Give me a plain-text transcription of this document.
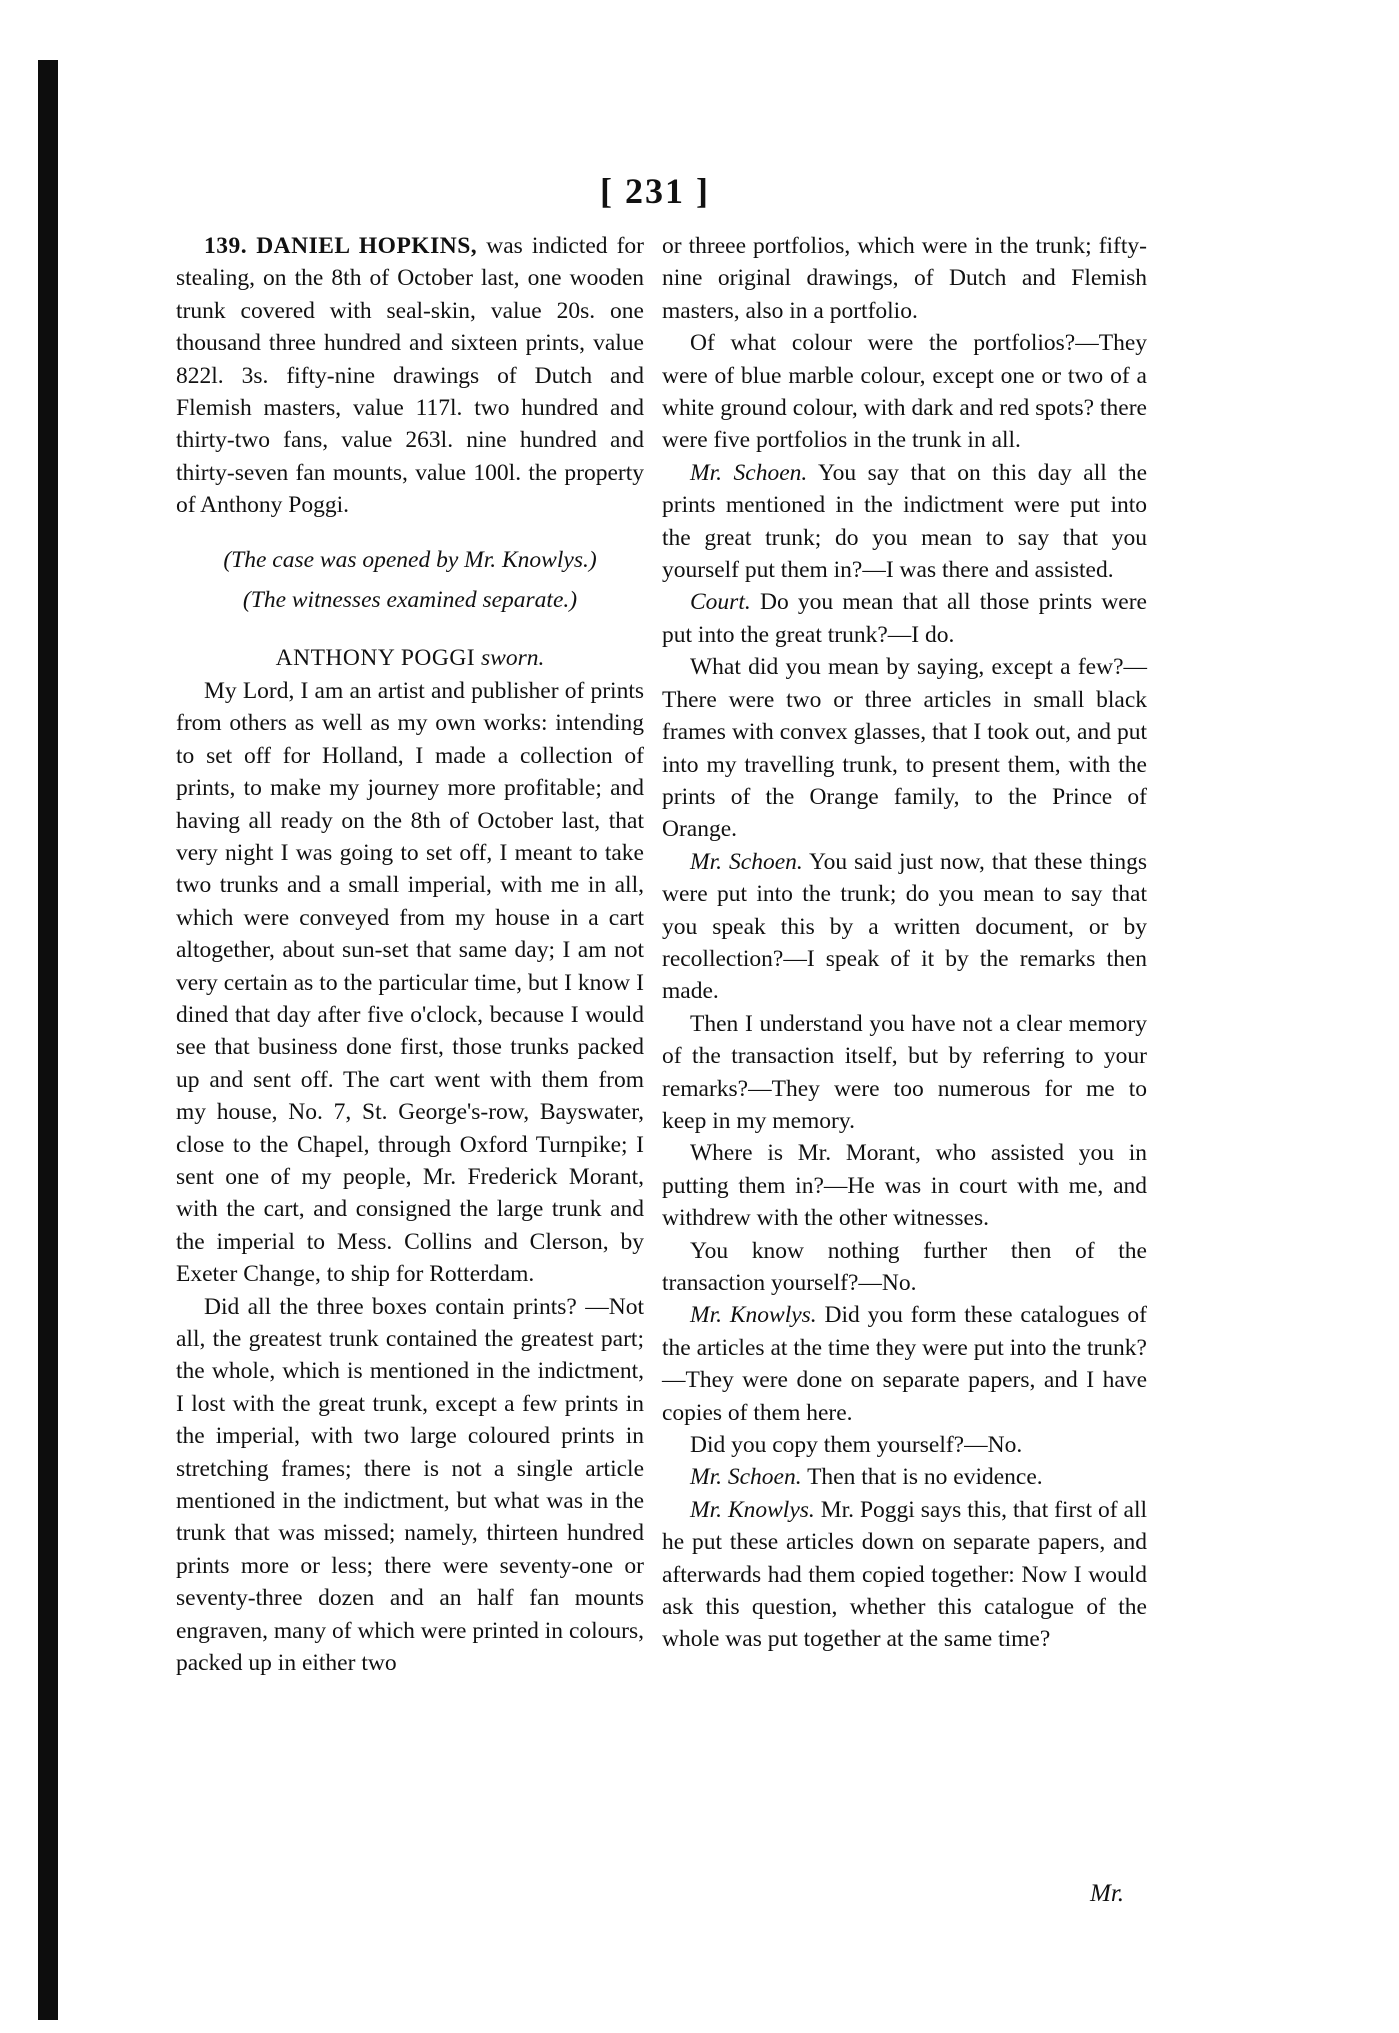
[ 231 ]

139. DANIEL HOPKINS, was indicted for stealing, on the 8th of October last, one wooden trunk covered with seal-skin, value 20s. one thousand three hundred and sixteen prints, value 822l. 3s. fifty-nine drawings of Dutch and Flemish masters, value 117l. two hundred and thirty-two fans, value 263l. nine hundred and thirty-seven fan mounts, value 100l. the property of Anthony Poggi.

(The case was opened by Mr. Knowlys.)

(The witnesses examined separate.)

ANTHONY POGGI sworn.

My Lord, I am an artist and publisher of prints from others as well as my own works: intending to set off for Holland, I made a collection of prints, to make my journey more profitable; and having all ready on the 8th of October last, that very night I was going to set off, I meant to take two trunks and a small imperial, with me in all, which were conveyed from my house in a cart altogether, about sun-set that same day; I am not very certain as to the particular time, but I know I dined that day after five o'clock, because I would see that business done first, those trunks packed up and sent off. The cart went with them from my house, No. 7, St. George's-row, Bayswater, close to the Chapel, through Oxford Turnpike; I sent one of my people, Mr. Frederick Morant, with the cart, and consigned the large trunk and the imperial to Mess. Collins and Clerson, by Exeter Change, to ship for Rotterdam.

Did all the three boxes contain prints? —Not all, the greatest trunk contained the greatest part; the whole, which is mentioned in the indictment, I lost with the great trunk, except a few prints in the imperial, with two large coloured prints in stretching frames; there is not a single article mentioned in the indictment, but what was in the trunk that was missed; namely, thirteen hundred prints more or less; there were seventy-one or seventy-three dozen and an half fan mounts engraven, many of which were printed in colours, packed up in either two

or threee portfolios, which were in the trunk; fifty-nine original drawings, of Dutch and Flemish masters, also in a portfolio.

Of what colour were the portfolios?—They were of blue marble colour, except one or two of a white ground colour, with dark and red spots? there were five portfolios in the trunk in all.

Mr. Schoen. You say that on this day all the prints mentioned in the indictment were put into the great trunk; do you mean to say that you yourself put them in?—I was there and assisted.

Court. Do you mean that all those prints were put into the great trunk?—I do.

What did you mean by saying, except a few?—There were two or three articles in small black frames with convex glasses, that I took out, and put into my travelling trunk, to present them, with the prints of the Orange family, to the Prince of Orange.

Mr. Schoen. You said just now, that these things were put into the trunk; do you mean to say that you speak this by a written document, or by recollection?—I speak of it by the remarks then made.

Then I understand you have not a clear memory of the transaction itself, but by referring to your remarks?—They were too numerous for me to keep in my memory.

Where is Mr. Morant, who assisted you in putting them in?—He was in court with me, and withdrew with the other witnesses.

You know nothing further then of the transaction yourself?—No.

Mr. Knowlys. Did you form these catalogues of the articles at the time they were put into the trunk?—They were done on separate papers, and I have copies of them here.

Did you copy them yourself?—No.

Mr. Schoen. Then that is no evidence.

Mr. Knowlys. Mr. Poggi says this, that first of all he put these articles down on separate papers, and afterwards had them copied together: Now I would ask this question, whether this catalogue of the whole was put together at the same time?

Mr.
